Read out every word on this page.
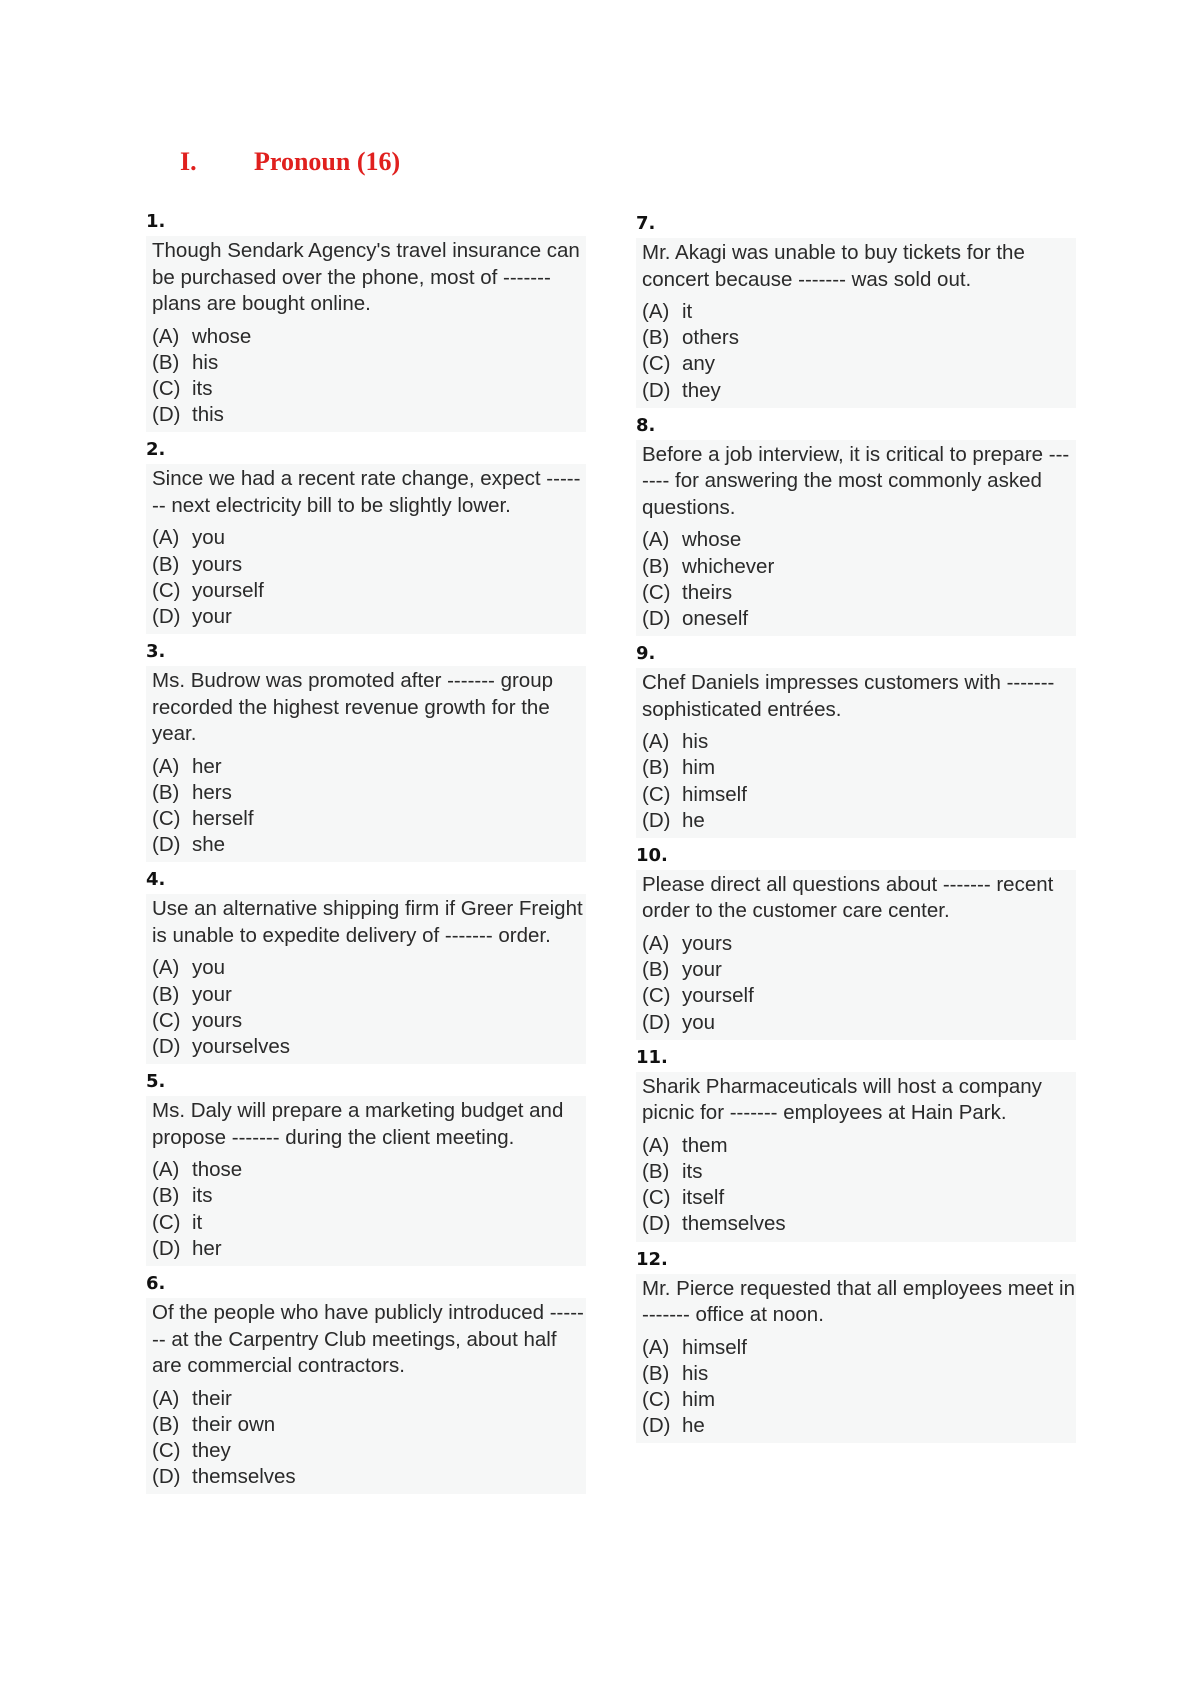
I. Pronoun (16)
1.
Though Sendark Agency's travel insurance can be purchased over the phone, most of ------- plans are bought online.
(A) whose
(B) his
(C) its
(D) this
2.
Since we had a recent rate change, expect ------- next electricity bill to be slightly lower.
(A) you
(B) yours
(C) yourself
(D) your
3.
Ms. Budrow was promoted after ------- group recorded the highest revenue growth for the year.
(A) her
(B) hers
(C) herself
(D) she
4.
Use an alternative shipping firm if Greer Freight is unable to expedite delivery of ------- order.
(A) you
(B) your
(C) yours
(D) yourselves
5.
Ms. Daly will prepare a marketing budget and propose ------- during the client meeting.
(A) those
(B) its
(C) it
(D) her
6.
Of the people who have publicly introduced ------- at the Carpentry Club meetings, about half are commercial contractors.
(A) their
(B) their own
(C) they
(D) themselves
7.
Mr. Akagi was unable to buy tickets for the concert because ------- was sold out.
(A) it
(B) others
(C) any
(D) they
8.
Before a job interview, it is critical to prepare ------- for answering the most commonly asked questions.
(A) whose
(B) whichever
(C) theirs
(D) oneself
9.
Chef Daniels impresses customers with ------- sophisticated entrées.
(A) his
(B) him
(C) himself
(D) he
10.
Please direct all questions about ------- recent order to the customer care center.
(A) yours
(B) your
(C) yourself
(D) you
11.
Sharik Pharmaceuticals will host a company picnic for ------- employees at Hain Park.
(A) them
(B) its
(C) itself
(D) themselves
12.
Mr. Pierce requested that all employees meet in ------- office at noon.
(A) himself
(B) his
(C) him
(D) he
